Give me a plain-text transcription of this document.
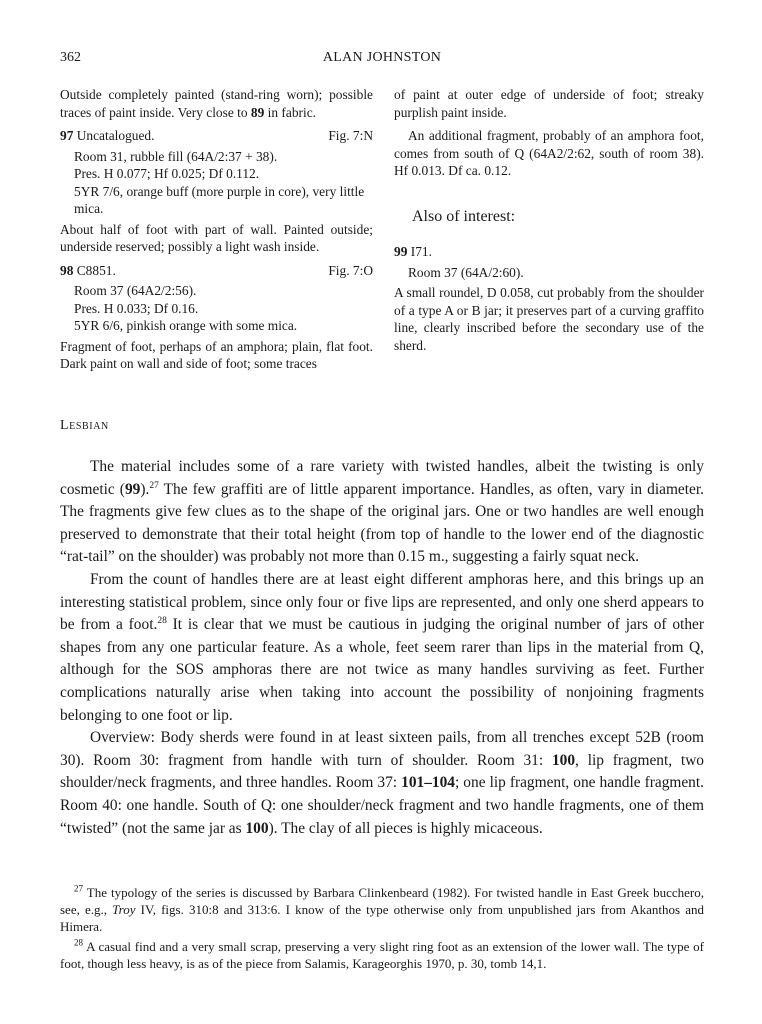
362	ALAN JOHNSTON

Outside completely painted (stand-ring worn); possible traces of paint inside. Very close to 89 in fabric.

97 Uncatalogued.	Fig. 7:N
Room 31, rubble fill (64A/2:37 + 38).
Pres. H 0.077; Hf 0.025; Df 0.112.
5YR 7/6, orange buff (more purple in core), very little mica.

About half of foot with part of wall. Painted outside; underside reserved; possibly a light wash inside.

98 C8851.	Fig. 7:O
Room 37 (64A2/2:56).
Pres. H 0.033; Df 0.16.
5YR 6/6, pinkish orange with some mica.

Fragment of foot, perhaps of an amphora; plain, flat foot. Dark paint on wall and side of foot; some traces

of paint at outer edge of underside of foot; streaky purplish paint inside.

An additional fragment, probably of an amphora foot, comes from south of Q (64A2/2:62, south of room 38). Hf 0.013. Df ca. 0.12.

Also of interest:

99 I71.
Room 37 (64A/2:60).

A small roundel, D 0.058, cut probably from the shoulder of a type A or B jar; it preserves part of a curving graffito line, clearly inscribed before the secondary use of the sherd.

Lesbian

The material includes some of a rare variety with twisted handles, albeit the twisting is only cosmetic (99).$^{27}$ The few graffiti are of little apparent importance. Handles, as often, vary in diameter. The fragments give few clues as to the shape of the original jars. One or two handles are well enough preserved to demonstrate that their total height (from top of handle to the lower end of the diagnostic “rat-tail” on the shoulder) was probably not more than 0.15 m., suggesting a fairly squat neck.

From the count of handles there are at least eight different amphoras here, and this brings up an interesting statistical problem, since only four or five lips are represented, and only one sherd appears to be from a foot.$^{28}$ It is clear that we must be cautious in judging the original number of jars of other shapes from any one particular feature. As a whole, feet seem rarer than lips in the material from Q, although for the SOS amphoras there are not twice as many handles surviving as feet. Further complications naturally arise when taking into account the possibility of nonjoining fragments belonging to one foot or lip.

Overview: Body sherds were found in at least sixteen pails, from all trenches except 52B (room 30). Room 30: fragment from handle with turn of shoulder. Room 31: 100, lip fragment, two shoulder/neck fragments, and three handles. Room 37: 101–104; one lip fragment, one handle fragment. Room 40: one handle. South of Q: one shoulder/neck fragment and two handle fragments, one of them “twisted” (not the same jar as 100). The clay of all pieces is highly micaceous.

$^{27}$ The typology of the series is discussed by Barbara Clinkenbeard (1982). For twisted handle in East Greek bucchero, see, e.g., Troy IV, figs. 310:8 and 313:6. I know of the type otherwise only from unpublished jars from Akanthos and Himera.

$^{28}$ A casual find and a very small scrap, preserving a very slight ring foot as an extension of the lower wall. The type of foot, though less heavy, is as of the piece from Salamis, Karageorghis 1970, p. 30, tomb 14,1.
